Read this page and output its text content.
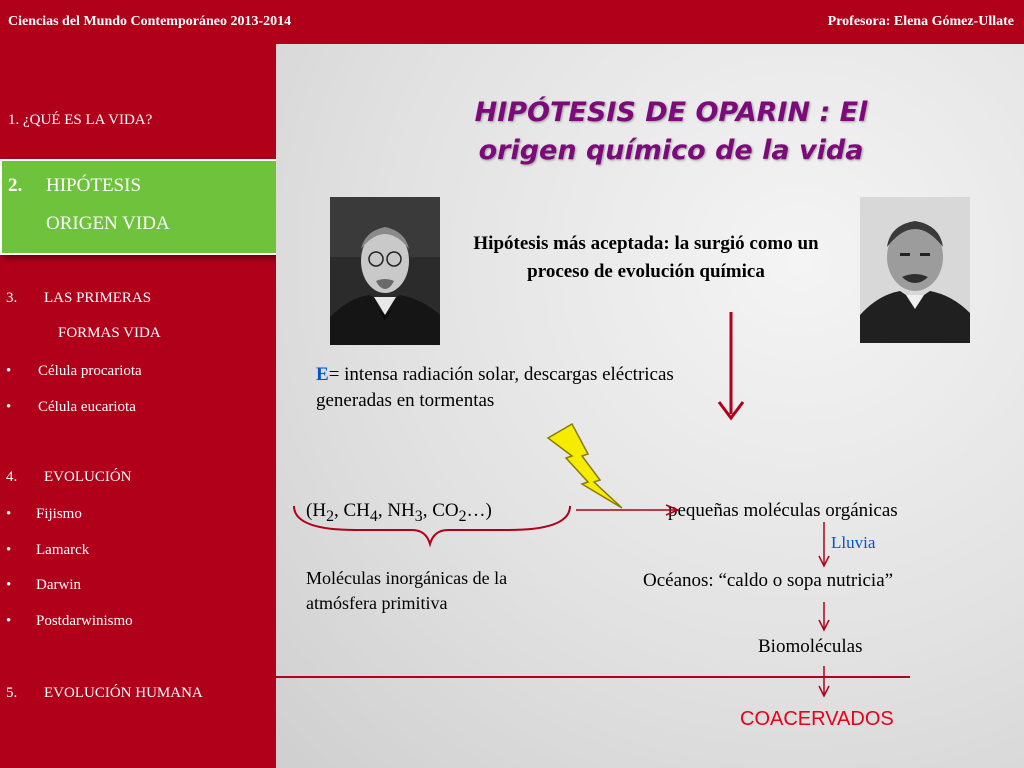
Ciencias del Mundo Contemporáneo 2013-2014	Profesora: Elena Gómez-Ullate
1. ¿QUÉ ES LA VIDA?
2. HIPÓTESIS
ORIGEN VIDA
3. LAS PRIMERAS
FORMAS VIDA
• Célula procariota
• Célula eucariota
4. EVOLUCIÓN
• Fijismo
• Lamarck
• Darwin
• Postdarwinismo
5. EVOLUCIÓN HUMANA
HIPÓTESIS DE OPARIN : El
origen químico de la vida
Hipótesis más aceptada: la surgió como un proceso de evolución química
E= intensa radiación solar, descargas eléctricas generadas en tormentas
($H_2$, $CH_4$, $NH_3$, $CO_2\dots$)
Moléculas inorgánicas de la atmósfera primitiva
pequeñas moléculas orgánicas
Lluvia
Océanos: “caldo o sopa nutricia”
Biomoléculas
COACERVADOS
